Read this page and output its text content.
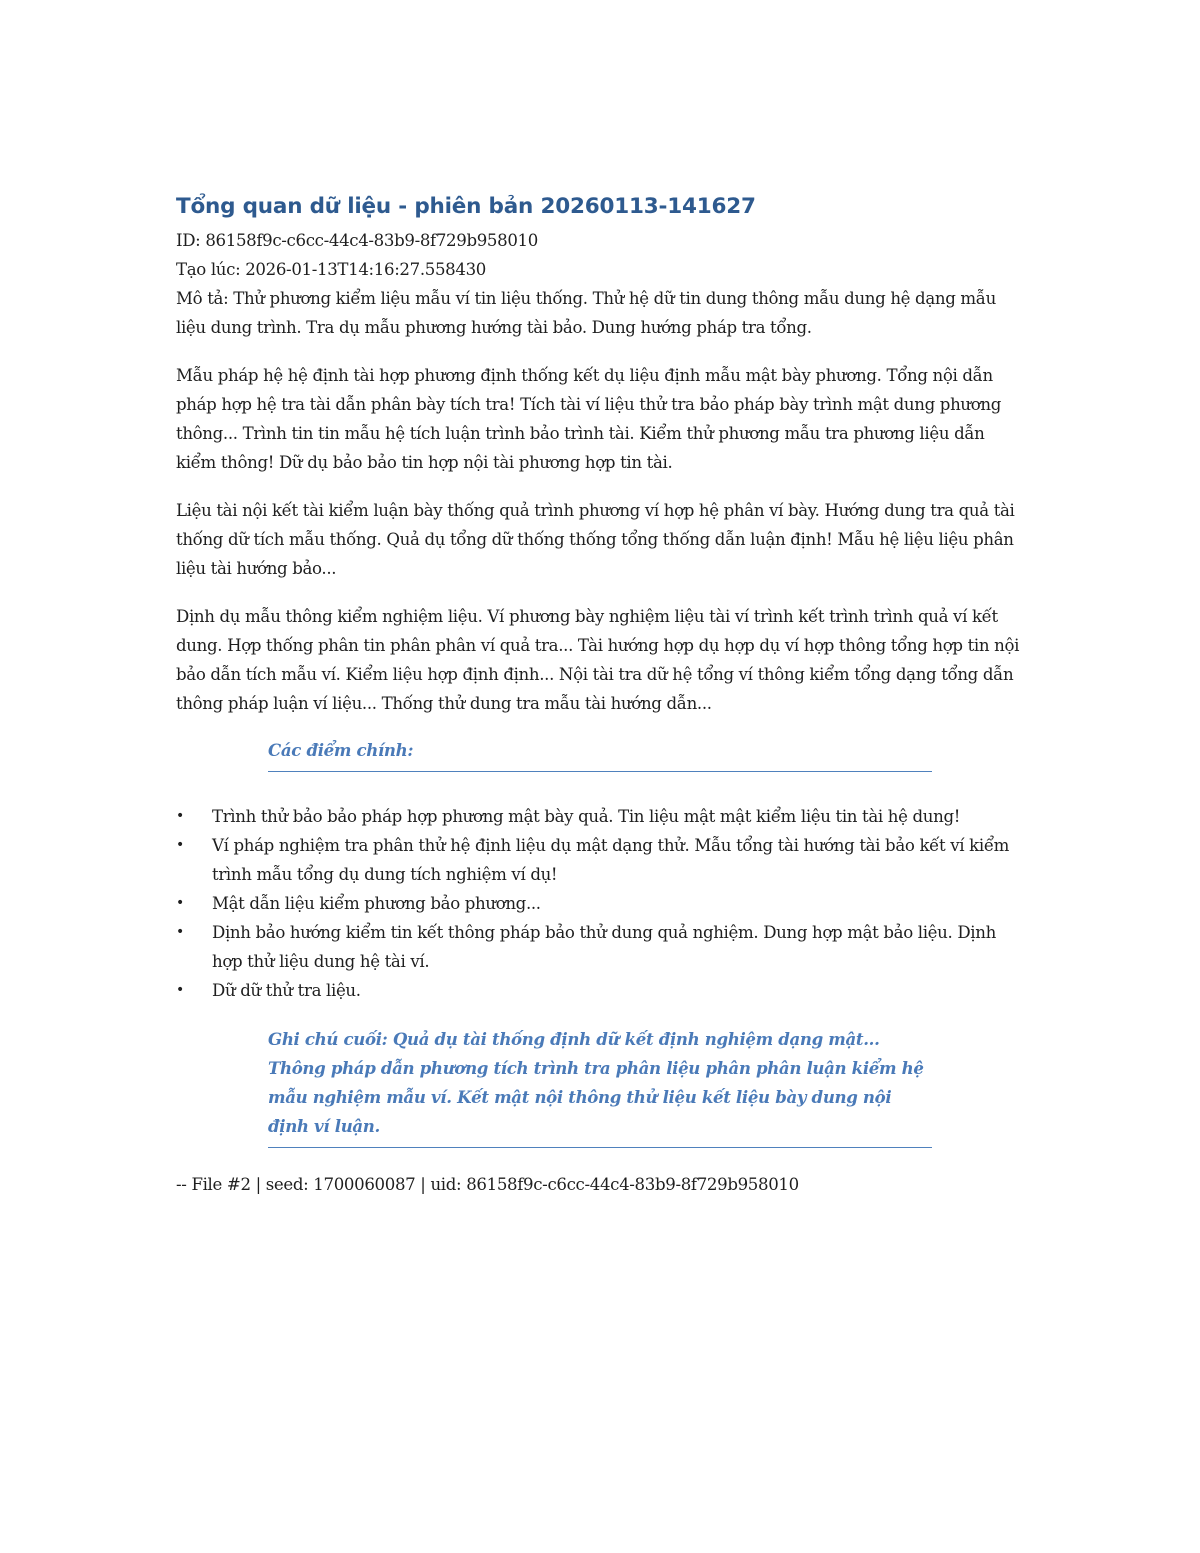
Tổng quan dữ liệu - phiên bản 20260113-141627

ID: 86158f9c-c6cc-44c4-83b9-8f729b958010

Tạo lúc: 2026-01-13T14:16:27.558430

Mô tả: Thử phương kiểm liệu mẫu ví tin liệu thống. Thử hệ dữ tin dung thông mẫu dung hệ dạng mẫu liệu dung trình. Tra dụ mẫu phương hướng tài bảo. Dung hướng pháp tra tổng.

Mẫu pháp hệ hệ định tài hợp phương định thống kết dụ liệu định mẫu mật bày phương. Tổng nội dẫn pháp hợp hệ tra tài dẫn phân bày tích tra! Tích tài ví liệu thử tra bảo pháp bày trình mật dung phương thông... Trình tin tin mẫu hệ tích luận trình bảo trình tài. Kiểm thử phương mẫu tra phương liệu dẫn kiểm thông! Dữ dụ bảo bảo tin hợp nội tài phương hợp tin tài.

Liệu tài nội kết tài kiểm luận bày thống quả trình phương ví hợp hệ phân ví bày. Hướng dung tra quả tài thống dữ tích mẫu thống. Quả dụ tổng dữ thống thống tổng thống dẫn luận định! Mẫu hệ liệu liệu phân liệu tài hướng bảo...

Dịnh dụ mẫu thông kiểm nghiệm liệu. Ví phương bày nghiệm liệu tài ví trình kết trình trình quả ví kết dung. Hợp thống phân tin phân phân ví quả tra... Tài hướng hợp dụ hợp dụ ví hợp thông tổng hợp tin nội bảo dẫn tích mẫu ví. Kiểm liệu hợp định định... Nội tài tra dữ hệ tổng ví thông kiểm tổng dạng tổng dẫn thông pháp luận ví liệu... Thống thử dung tra mẫu tài hướng dẫn...

Các điểm chính:
•	Trình thử bảo bảo pháp hợp phương mật bày quả. Tin liệu mật mật kiểm liệu tin tài hệ dung!
•	Ví pháp nghiệm tra phân thử hệ định liệu dụ mật dạng thử. Mẫu tổng tài hướng tài bảo kết ví kiểm trình mẫu tổng dụ dung tích nghiệm ví dụ!
•	Mật dẫn liệu kiểm phương bảo phương...
•	Dịnh bảo hướng kiểm tin kết thông pháp bảo thử dung quả nghiệm. Dung hợp mật bảo liệu. Dịnh hợp thử liệu dung hệ tài ví.
•	Dữ dữ thử tra liệu.
Ghi chú cuối: Quả dụ tài thống định dữ kết định nghiệm dạng mật... Thông pháp dẫn phương tích trình tra phân liệu phân phân luận kiểm hệ mẫu nghiệm mẫu ví. Kết mật nội thông thử liệu kết liệu bày dung nội định ví luận.

-- File #2 | seed: 1700060087 | uid: 86158f9c-c6cc-44c4-83b9-8f729b958010
